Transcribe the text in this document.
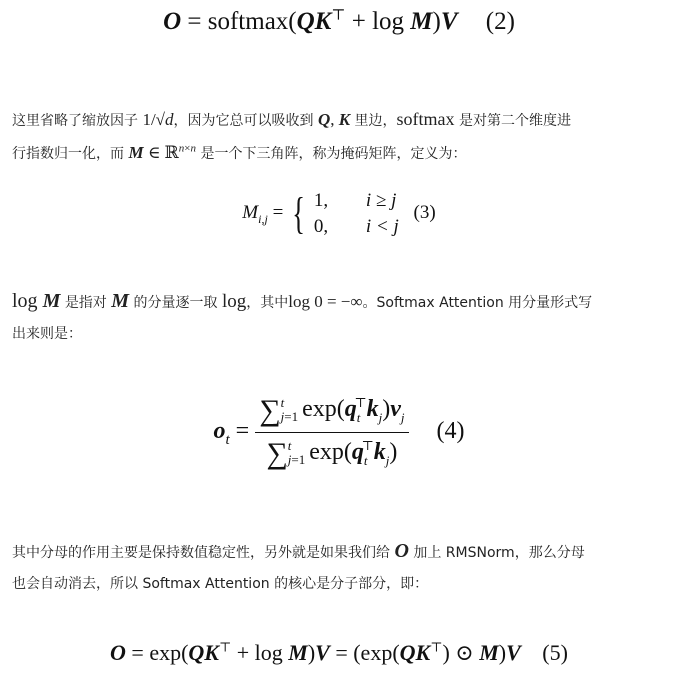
O = softmax(QK⊤ + log M)V (2)
这里省略了缩放因子 1/√d，因为它总可以吸收到 Q, K 里边，softmax 是对第二个维度进
行指数归一化，而 M ∈ ℝ$^{n\times n}$ 是一个下三角阵，称为掩码矩阵，定义为：
$M_{i,j}$ = { 1, i ≥ j
0, i < j (3)
log M 是指对 M 的分量逐一取 log，其中log 0 = −∞。Softmax Attention 用分量形式写
出来则是：
$o_t$ =
∑t
j=1 $\exp(q_t^⊤k_j)v_j$
∑t
j=1 $\exp(q_t^⊤k_j)$
(4)
其中分母的作用主要是保持数值稳定性，另外就是如果我们给 O 加上 RMSNorm，那么分母
也会自动消去，所以 Softmax Attention 的核心是分子部分，即：
O = exp(QK⊤ + log M)V = (exp(QK⊤) ⊙ M)V (5)
